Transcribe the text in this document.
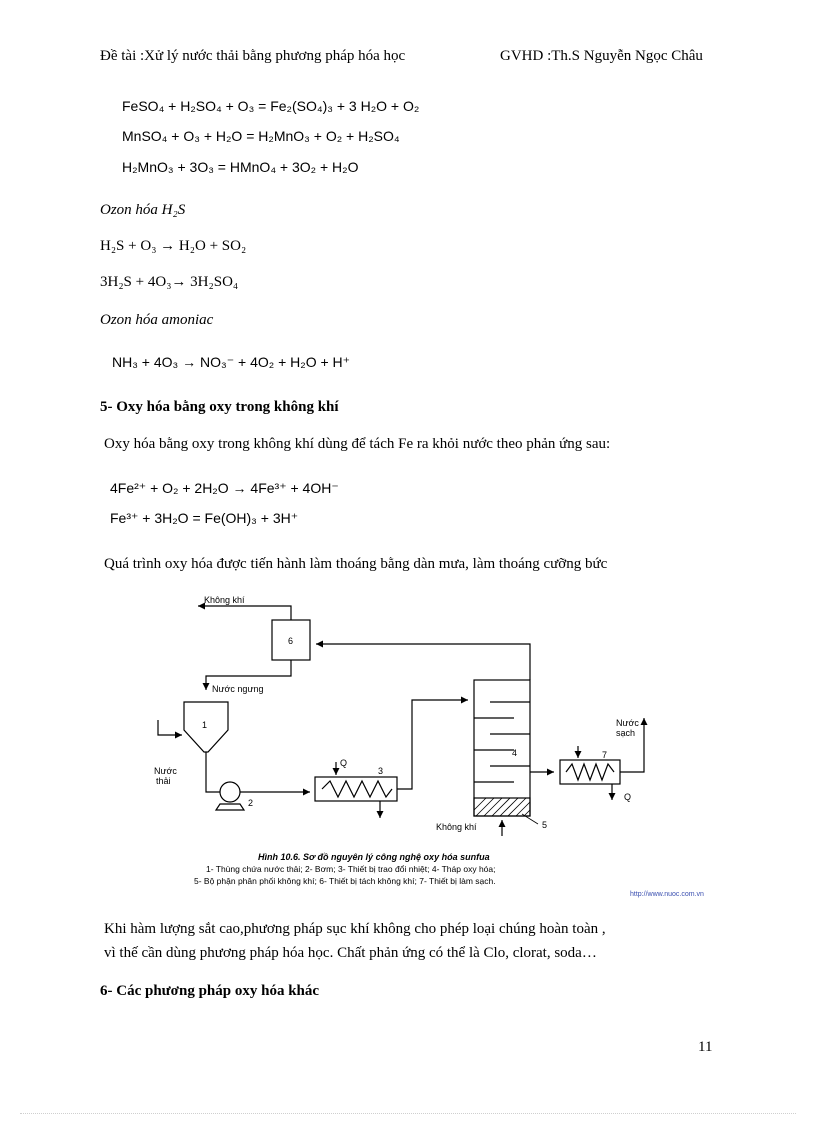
Đề tài :Xử lý nước thải bằng phương pháp hóa học	GVHD :Th.S Nguyễn Ngọc Châu
FeSO₄ + H₂SO₄ + O₃ = Fe₂(SO₄)₃ + 3 H₂O + O₂
MnSO₄ + O₃ + H₂O = H₂MnO₃ + O₂ + H₂SO₄
H₂MnO₃ + 3O₃ = HMnO₄ + 3O₂ + H₂O
Ozon hóa H₂S
H₂S + O₃ → H₂O + SO₂
3H₂S + 4O₃→ 3H₂SO₄
Ozon hóa amoniac
NH₃ + 4O₃ → NO₃⁻ + 4O₂ + H₂O + H⁺
5- Oxy hóa bằng oxy trong không khí
Oxy hóa bằng oxy trong không khí dùng để tách Fe ra khỏi nước theo phản ứng sau:
4Fe²⁺ + O₂ + 2H₂O → 4Fe³⁺ + 4OH⁻
Fe³⁺ + 3H₂O = Fe(OH)₃ + 3H⁺
Quá trình oxy hóa được tiến hành làm thoáng bằng dàn mưa, làm thoáng cưỡng bức
Không khí
Nước ngưng
Nước
thải
Nước
sạch
Không khí
Q
Q
1
2
3
4
5
6
7
Hình 10.6. Sơ đồ nguyên lý công nghệ oxy hóa sunfua
1- Thùng chứa nước thải; 2- Bơm; 3- Thiết bị trao đổi nhiệt; 4- Tháp oxy hóa;
5- Bộ phận phân phối không khí; 6- Thiết bị tách không khí; 7- Thiết bị làm sạch.
http://www.nuoc.com.vn
Khi hàm lượng sắt cao,phương pháp sục khí không cho phép loại chúng hoàn toàn ,
vì thế cần dùng phương pháp hóa học. Chất phản ứng có thể là Clo, clorat, soda…
6- Các phương pháp oxy hóa khác
11
